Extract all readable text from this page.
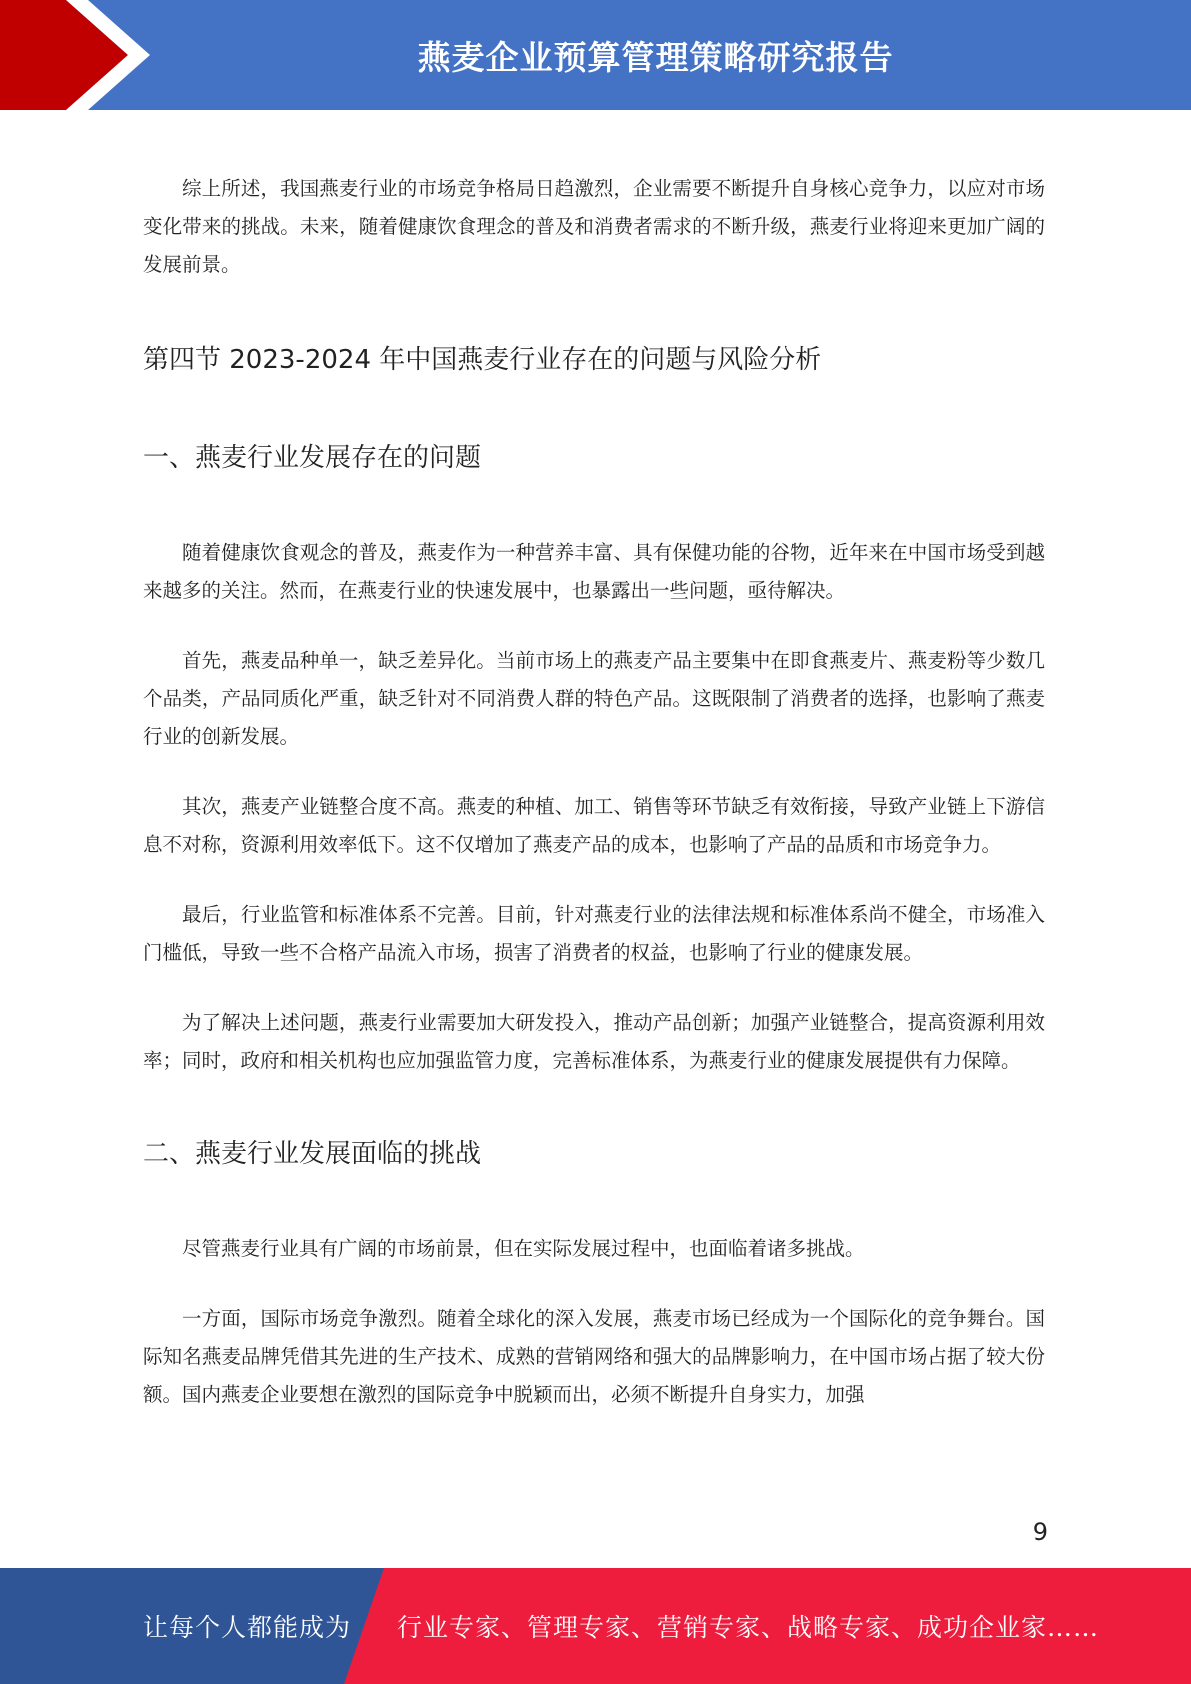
燕麦企业预算管理策略研究报告

综上所述，我国燕麦行业的市场竞争格局日趋激烈，企业需要不断提升自身核心竞争力，以应对市场变化带来的挑战。未来，随着健康饮食理念的普及和消费者需求的不断升级，燕麦行业将迎来更加广阔的发展前景。

第四节 2023-2024 年中国燕麦行业存在的问题与风险分析
一、燕麦行业发展存在的问题

随着健康饮食观念的普及，燕麦作为一种营养丰富、具有保健功能的谷物，近年来在中国市场受到越来越多的关注。然而，在燕麦行业的快速发展中，也暴露出一些问题，亟待解决。

首先，燕麦品种单一，缺乏差异化。当前市场上的燕麦产品主要集中在即食燕麦片、燕麦粉等少数几个品类，产品同质化严重，缺乏针对不同消费人群的特色产品。这既限制了消费者的选择，也影响了燕麦行业的创新发展。

其次，燕麦产业链整合度不高。燕麦的种植、加工、销售等环节缺乏有效衔接，导致产业链上下游信息不对称，资源利用效率低下。这不仅增加了燕麦产品的成本，也影响了产品的品质和市场竞争力。

最后，行业监管和标准体系不完善。目前，针对燕麦行业的法律法规和标准体系尚不健全，市场准入门槛低，导致一些不合格产品流入市场，损害了消费者的权益，也影响了行业的健康发展。

为了解决上述问题，燕麦行业需要加大研发投入，推动产品创新；加强产业链整合，提高资源利用效率；同时，政府和相关机构也应加强监管力度，完善标准体系，为燕麦行业的健康发展提供有力保障。

二、燕麦行业发展面临的挑战

尽管燕麦行业具有广阔的市场前景，但在实际发展过程中，也面临着诸多挑战。

一方面，国际市场竞争激烈。随着全球化的深入发展，燕麦市场已经成为一个国际化的竞争舞台。国际知名燕麦品牌凭借其先进的生产技术、成熟的营销网络和强大的品牌影响力，在中国市场占据了较大份额。国内燕麦企业要想在激烈的国际竞争中脱颖而出，必须不断提升自身实力，加强

9
让每个人都能成为 行业专家、管理专家、营销专家、战略专家、成功企业家……
